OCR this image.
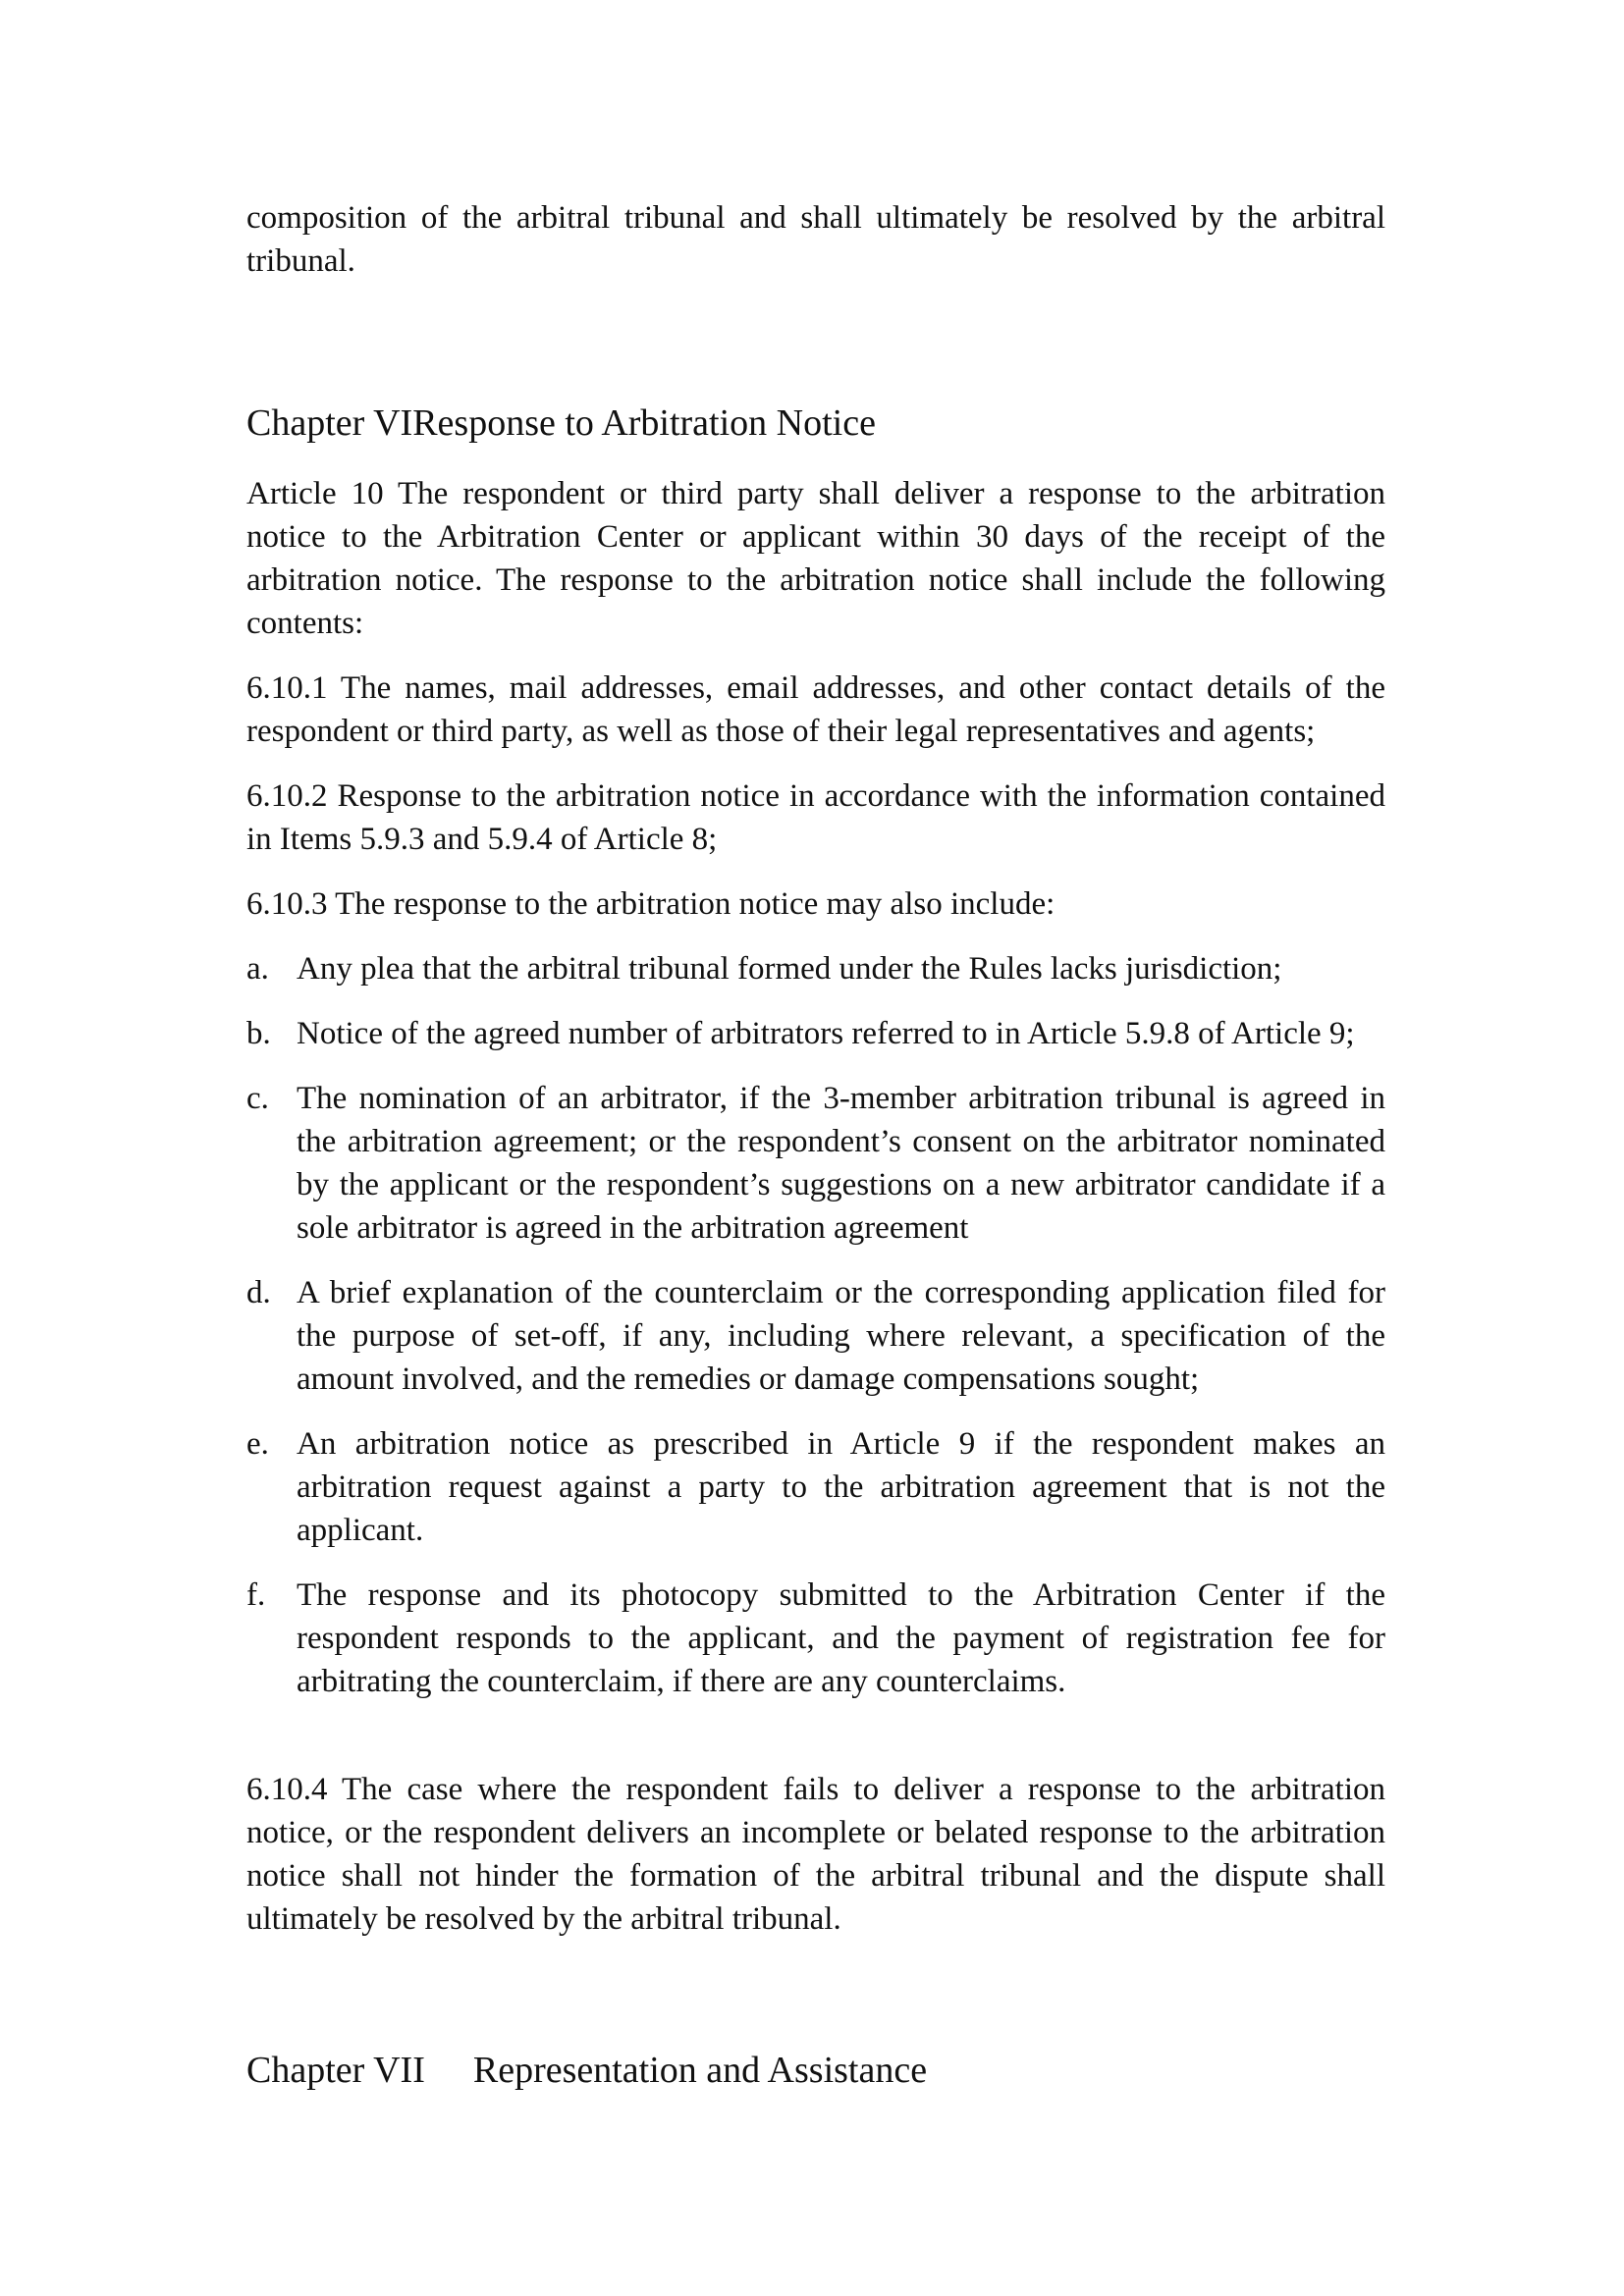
composition of the arbitral tribunal and shall ultimately be resolved by the arbitral tribunal.

Chapter VIResponse to Arbitration Notice

Article 10 The respondent or third party shall deliver a response to the arbitration notice to the Arbitration Center or applicant within 30 days of the receipt of the arbitration notice. The response to the arbitration notice shall include the following contents:

6.10.1 The names, mail addresses, email addresses, and other contact details of the respondent or third party, as well as those of their legal representatives and agents;

6.10.2 Response to the arbitration notice in accordance with the information contained in Items 5.9.3 and 5.9.4 of Article 8;

6.10.3 The response to the arbitration notice may also include:

a. Any plea that the arbitral tribunal formed under the Rules lacks jurisdiction;
b. Notice of the agreed number of arbitrators referred to in Article 5.9.8 of Article 9;
c. The nomination of an arbitrator, if the 3-member arbitration tribunal is agreed in the arbitration agreement; or the respondent’s consent on the arbitrator nominated by the applicant or the respondent’s suggestions on a new arbitrator candidate if a sole arbitrator is agreed in the arbitration agreement
d. A brief explanation of the counterclaim or the corresponding application filed for the purpose of set-off, if any, including where relevant, a specification of the amount involved, and the remedies or damage compensations sought;
e. An arbitration notice as prescribed in Article 9 if the respondent makes an arbitration request against a party to the arbitration agreement that is not the applicant.
f. The response and its photocopy submitted to the Arbitration Center if the respondent responds to the applicant, and the payment of registration fee for arbitrating the counterclaim, if there are any counterclaims.

6.10.4 The case where the respondent fails to deliver a response to the arbitration notice, or the respondent delivers an incomplete or belated response to the arbitration notice shall not hinder the formation of the arbitral tribunal and the dispute shall ultimately be resolved by the arbitral tribunal.

Chapter VII Representation and Assistance
